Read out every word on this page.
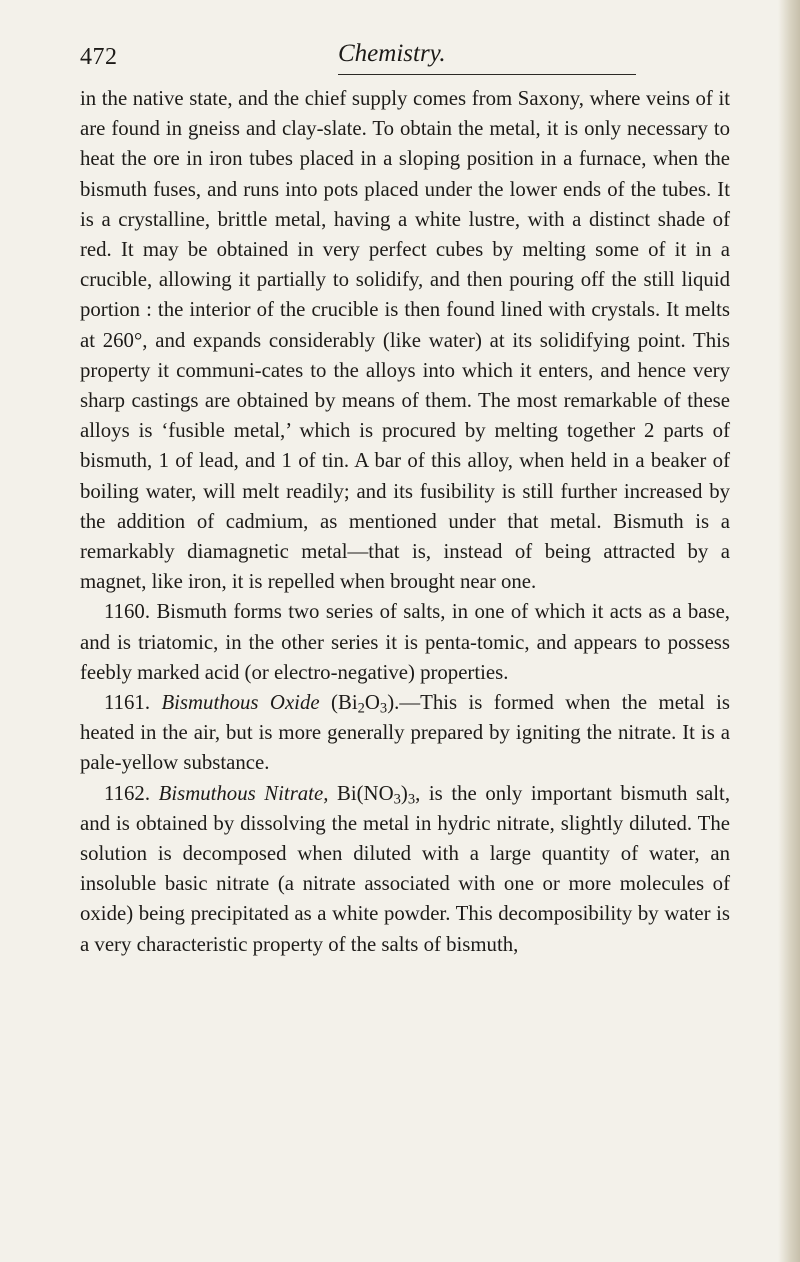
472	Chemistry.

in the native state, and the chief supply comes from Saxony, where veins of it are found in gneiss and clay-slate. To obtain the metal, it is only necessary to heat the ore in iron tubes placed in a sloping position in a furnace, when the bismuth fuses, and runs into pots placed under the lower ends of the tubes. It is a crystalline, brittle metal, having a white lustre, with a distinct shade of red. It may be obtained in very perfect cubes by melting some of it in a crucible, allowing it partially to solidify, and then pouring off the still liquid portion : the interior of the crucible is then found lined with crystals. It melts at 260°, and expands considerably (like water) at its solidifying point. This property it communi-cates to the alloys into which it enters, and hence very sharp castings are obtained by means of them. The most remarkable of these alloys is ‘fusible metal,’ which is procured by melting together 2 parts of bismuth, 1 of lead, and 1 of tin. A bar of this alloy, when held in a beaker of boiling water, will melt readily; and its fusibility is still further increased by the addition of cadmium, as mentioned under that metal. Bismuth is a remarkably diamagnetic metal—that is, instead of being attracted by a magnet, like iron, it is repelled when brought near one.

1160. Bismuth forms two series of salts, in one of which it acts as a base, and is triatomic, in the other series it is penta-tomic, and appears to possess feebly marked acid (or electro-negative) properties.

1161. Bismuthous Oxide $(Bi_2O_3).—This$ is formed when the metal is heated in the air, but is more generally prepared by igniting the nitrate. It is a pale-yellow substance.

1162. Bismuthous Nitrate, $Bi(NO_3)_3$, is the only important bismuth salt, and is obtained by dissolving the metal in hydric nitrate, slightly diluted. The solution is decomposed when diluted with a large quantity of water, an insoluble basic nitrate (a nitrate associated with one or more molecules of oxide) being precipitated as a white powder. This decomposibility by water is a very characteristic property of the salts of bismuth,
